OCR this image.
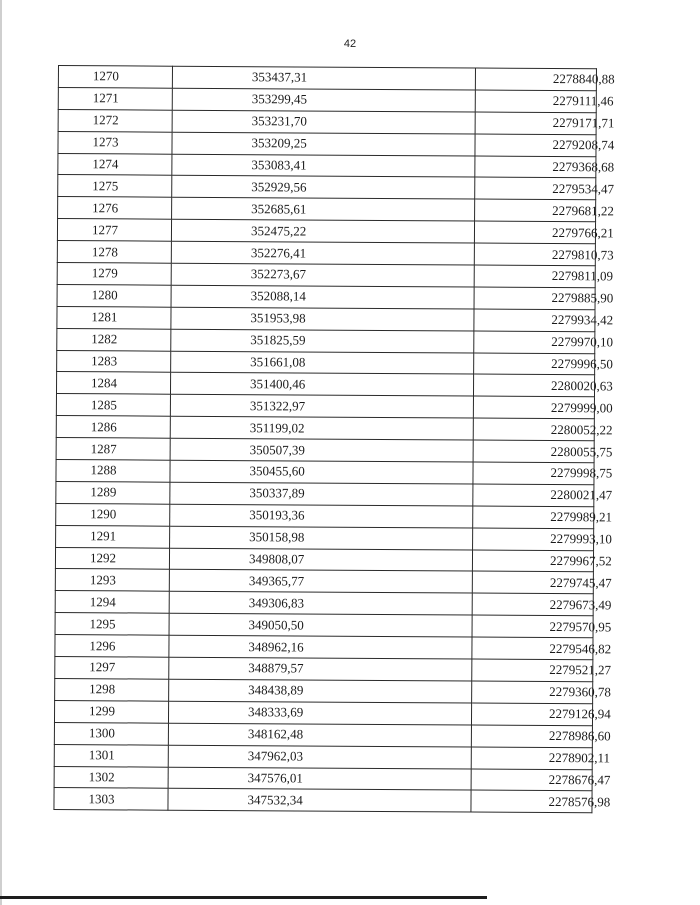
42
1270	353437,31	2278840,88
1271	353299,45	2279111,46
1272	353231,70	2279171,71
1273	353209,25	2279208,74
1274	353083,41	2279368,68
1275	352929,56	2279534,47
1276	352685,61	2279681,22
1277	352475,22	2279766,21
1278	352276,41	2279810,73
1279	352273,67	2279811,09
1280	352088,14	2279885,90
1281	351953,98	2279934,42
1282	351825,59	2279970,10
1283	351661,08	2279996,50
1284	351400,46	2280020,63
1285	351322,97	2279999,00
1286	351199,02	2280052,22
1287	350507,39	2280055,75
1288	350455,60	2279998,75
1289	350337,89	2280021,47
1290	350193,36	2279989,21
1291	350158,98	2279993,10
1292	349808,07	2279967,52
1293	349365,77	2279745,47
1294	349306,83	2279673,49
1295	349050,50	2279570,95
1296	348962,16	2279546,82
1297	348879,57	2279521,27
1298	348438,89	2279360,78
1299	348333,69	2279126,94
1300	348162,48	2278986,60
1301	347962,03	2278902,11
1302	347576,01	2278676,47
1303	347532,34	2278576,98
